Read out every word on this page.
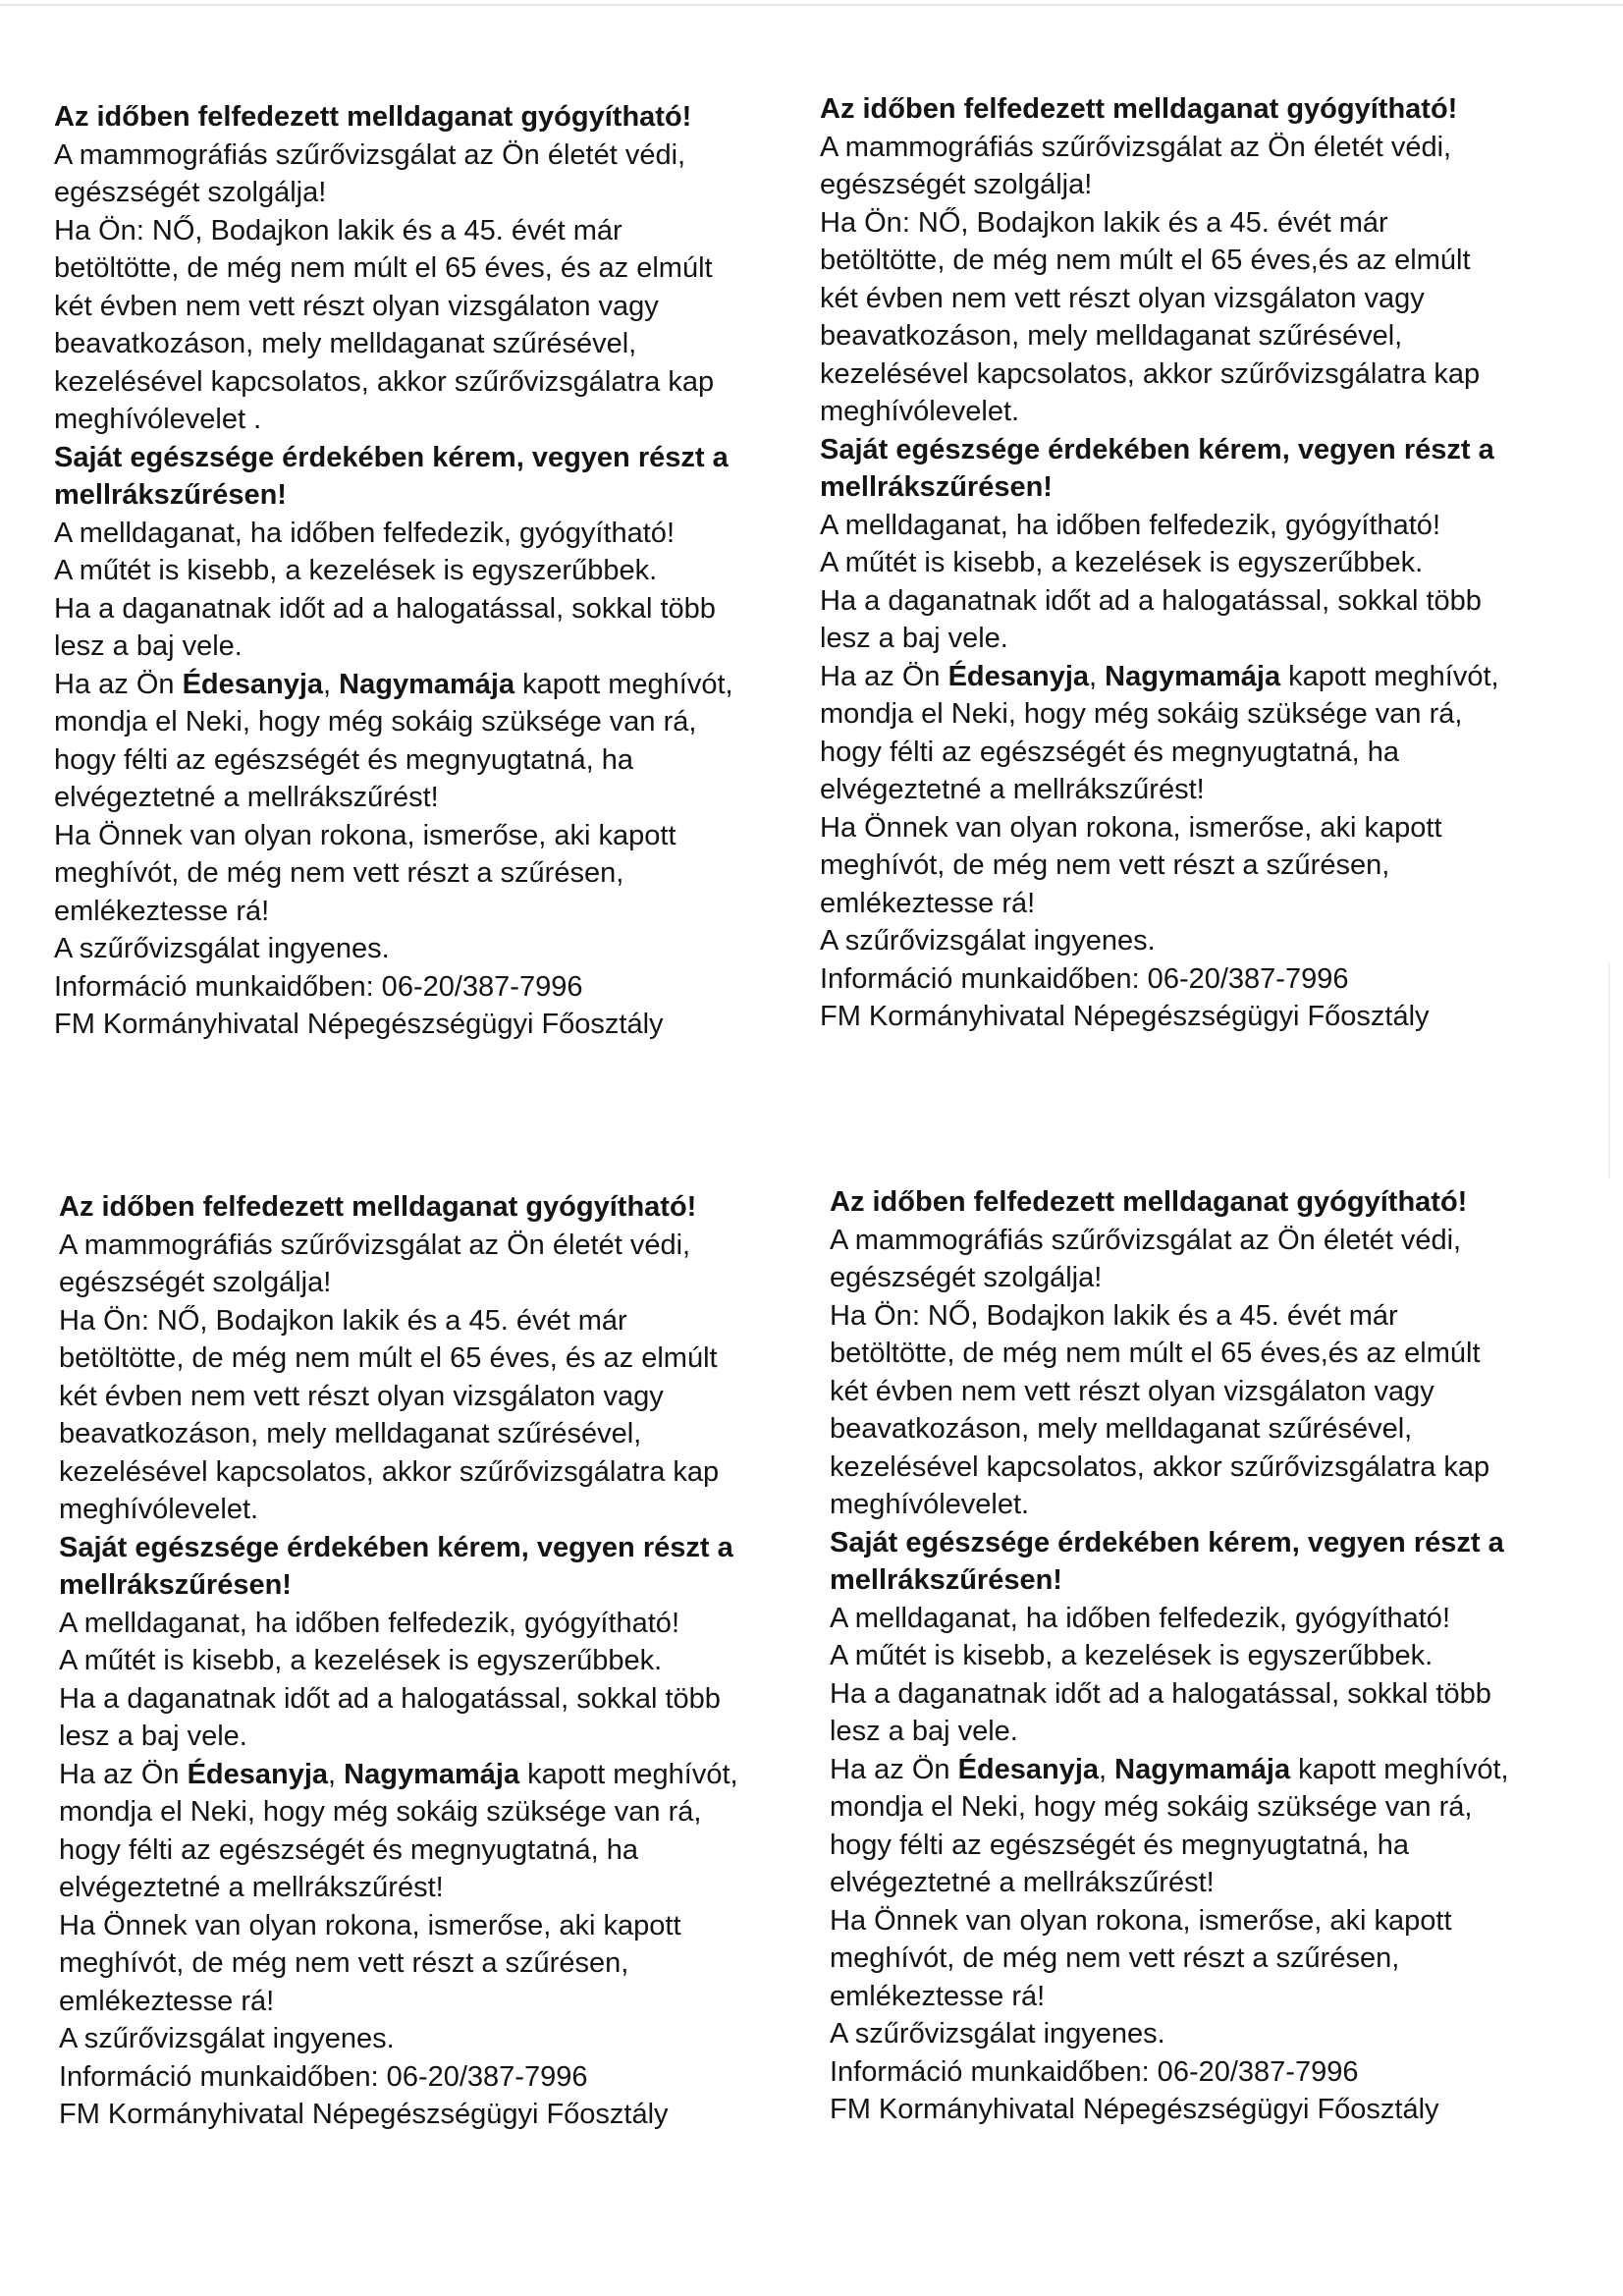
Az időben felfedezett melldaganat gyógyítható!

A mammográfiás szűrővizsgálat az Ön életét védi,

egészségét szolgálja!

Ha Ön: NŐ, Bodajkon lakik és a 45. évét már

betöltötte, de még nem múlt el 65 éves, és az elmúlt

két évben nem vett részt olyan vizsgálaton vagy

beavatkozáson, mely melldaganat szűrésével,

kezelésével kapcsolatos, akkor szűrővizsgálatra kap

meghívólevelet .

Saját egészsége érdekében kérem, vegyen részt a

mellrákszűrésen!

A melldaganat, ha időben felfedezik, gyógyítható!

A műtét is kisebb, a kezelések is egyszerűbbek.

Ha a daganatnak időt ad a halogatással, sokkal több

lesz a baj vele.

Ha az Ön Édesanyja, Nagymamája kapott meghívót,

mondja el Neki, hogy még sokáig szüksége van rá,

hogy félti az egészségét és megnyugtatná, ha

elvégeztetné a mellrákszűrést!

Ha Önnek van olyan rokona, ismerőse, aki kapott

meghívót, de még nem vett részt a szűrésen,

emlékeztesse rá!

A szűrővizsgálat ingyenes.

Információ munkaidőben: 06-20/387-7996

FM Kormányhivatal Népegészségügyi Főosztály

Az időben felfedezett melldaganat gyógyítható!

A mammográfiás szűrővizsgálat az Ön életét védi,

egészségét szolgálja!

Ha Ön: NŐ, Bodajkon lakik és a 45. évét már

betöltötte, de még nem múlt el 65 éves,és az elmúlt

két évben nem vett részt olyan vizsgálaton vagy

beavatkozáson, mely melldaganat szűrésével,

kezelésével kapcsolatos, akkor szűrővizsgálatra kap

meghívólevelet.

Saját egészsége érdekében kérem, vegyen részt a

mellrákszűrésen!

A melldaganat, ha időben felfedezik, gyógyítható!

A műtét is kisebb, a kezelések is egyszerűbbek.

Ha a daganatnak időt ad a halogatással, sokkal több

lesz a baj vele.

Ha az Ön Édesanyja, Nagymamája kapott meghívót,

mondja el Neki, hogy még sokáig szüksége van rá,

hogy félti az egészségét és megnyugtatná, ha

elvégeztetné a mellrákszűrést!

Ha Önnek van olyan rokona, ismerőse, aki kapott

meghívót, de még nem vett részt a szűrésen,

emlékeztesse rá!

A szűrővizsgálat ingyenes.

Információ munkaidőben: 06-20/387-7996

FM Kormányhivatal Népegészségügyi Főosztály

Az időben felfedezett melldaganat gyógyítható!

A mammográfiás szűrővizsgálat az Ön életét védi,

egészségét szolgálja!

Ha Ön: NŐ, Bodajkon lakik és a 45. évét már

betöltötte, de még nem múlt el 65 éves, és az elmúlt

két évben nem vett részt olyan vizsgálaton vagy

beavatkozáson, mely melldaganat szűrésével,

kezelésével kapcsolatos, akkor szűrővizsgálatra kap

meghívólevelet.

Saját egészsége érdekében kérem, vegyen részt a

mellrákszűrésen!

A melldaganat, ha időben felfedezik, gyógyítható!

A műtét is kisebb, a kezelések is egyszerűbbek.

Ha a daganatnak időt ad a halogatással, sokkal több

lesz a baj vele.

Ha az Ön Édesanyja, Nagymamája kapott meghívót,

mondja el Neki, hogy még sokáig szüksége van rá,

hogy félti az egészségét és megnyugtatná, ha

elvégeztetné a mellrákszűrést!

Ha Önnek van olyan rokona, ismerőse, aki kapott

meghívót, de még nem vett részt a szűrésen,

emlékeztesse rá!

A szűrővizsgálat ingyenes.

Információ munkaidőben: 06-20/387-7996

FM Kormányhivatal Népegészségügyi Főosztály

Az időben felfedezett melldaganat gyógyítható!

A mammográfiás szűrővizsgálat az Ön életét védi,

egészségét szolgálja!

Ha Ön: NŐ, Bodajkon lakik és a 45. évét már

betöltötte, de még nem múlt el 65 éves,és az elmúlt

két évben nem vett részt olyan vizsgálaton vagy

beavatkozáson, mely melldaganat szűrésével,

kezelésével kapcsolatos, akkor szűrővizsgálatra kap

meghívólevelet.

Saját egészsége érdekében kérem, vegyen részt a

mellrákszűrésen!

A melldaganat, ha időben felfedezik, gyógyítható!

A műtét is kisebb, a kezelések is egyszerűbbek.

Ha a daganatnak időt ad a halogatással, sokkal több

lesz a baj vele.

Ha az Ön Édesanyja, Nagymamája kapott meghívót,

mondja el Neki, hogy még sokáig szüksége van rá,

hogy félti az egészségét és megnyugtatná, ha

elvégeztetné a mellrákszűrést!

Ha Önnek van olyan rokona, ismerőse, aki kapott

meghívót, de még nem vett részt a szűrésen,

emlékeztesse rá!

A szűrővizsgálat ingyenes.

Információ munkaidőben: 06-20/387-7996

FM Kormányhivatal Népegészségügyi Főosztály
